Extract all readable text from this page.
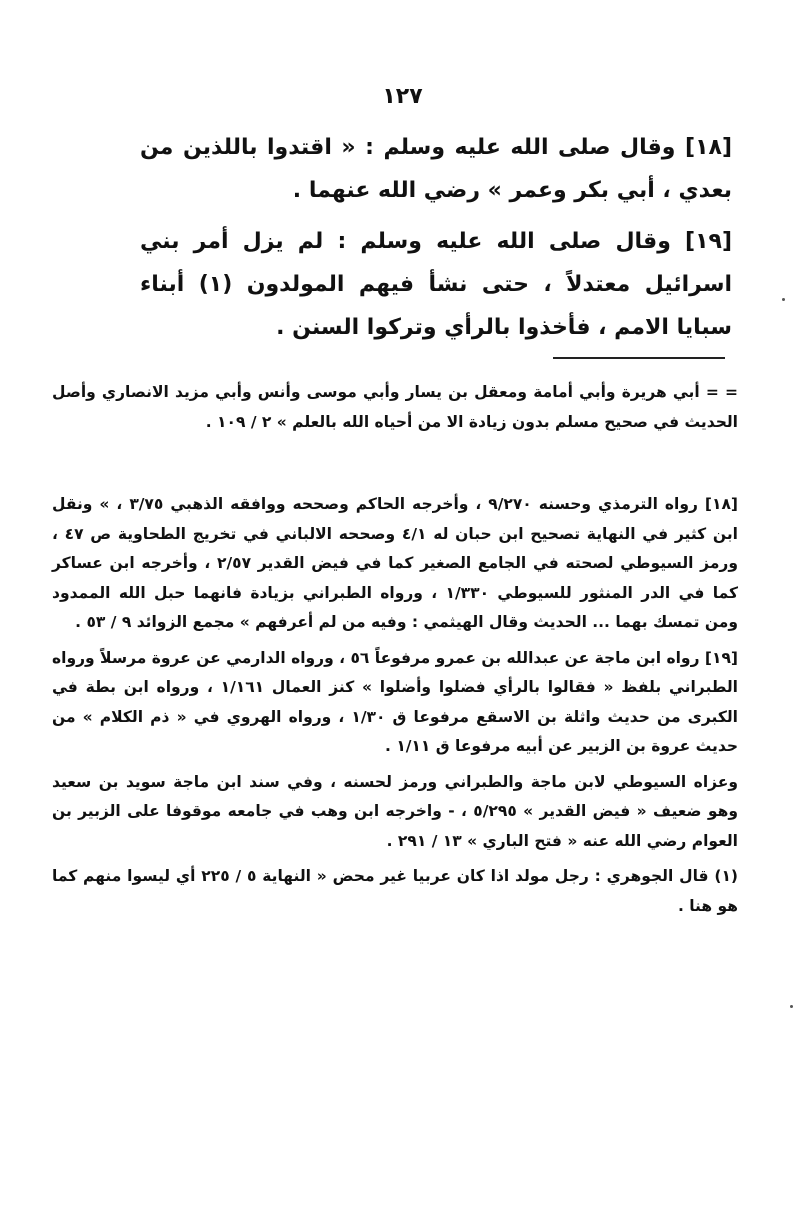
١٢٧

[١٨] وقال صلى الله عليه وسلم : « اقتدوا باللذين من بعدي ، أبي بكر وعمر » رضي الله عنهما .

[١٩] وقال صلى الله عليه وسلم : لم يزل أمر بني اسرائيل معتدلاً ، حتى نشأ فيهم المولدون (١) أبناء سبايا الامم ، فأخذوا بالرأي وتركوا السنن .

= = أبي هريرة وأبي أمامة ومعقل بن يسار وأبي موسى وأنس وأبي مزيد الانصاري وأصل الحديث في صحيح مسلم بدون زيادة الا من أحياه الله بالعلم » ٢ / ١٠٩ .

[١٨] رواه الترمذي وحسنه ٩/٢٧٠ ، وأخرجه الحاكم وصححه ووافقه الذهبي ٣/٧٥ ، » ونقل ابن كثير في النهاية تصحيح ابن حبان له ٤/١ وصححه الالباني في تخريج الطحاوية ص ٤٧ ، ورمز السيوطي لصحته في الجامع الصغير كما في فيض القدير ٢/٥٧ ، وأخرجه ابن عساكر كما في الدر المنثور للسيوطي ١/٣٣٠ ، ورواه الطبراني بزيادة فانهما حبل الله الممدود ومن تمسك بهما ... الحديث وقال الهيثمي : وفيه من لم أعرفهم » مجمع الزوائد ٩ / ٥٣ .

[١٩] رواه ابن ماجة عن عبدالله بن عمرو مرفوعاً ٥٦ ، ورواه الدارمي عن عروة مرسلاً ورواه الطبراني بلفظ « فقالوا بالرأي فضلوا وأضلوا » كنز العمال ١/١٦١ ، ورواه ابن بطة في الكبرى من حديث واثلة بن الاسقع مرفوعا ق ١/٣٠ ، ورواه الهروي في « ذم الكلام » من حديث عروة بن الزبير عن أبيه مرفوعا ق ١/١١ .

وعزاه السيوطي لابن ماجة والطبراني ورمز لحسنه ، وفي سند ابن ماجة سويد بن سعيد وهو ضعيف « فيض القدير » ٥/٢٩٥ ، - واخرجه ابن وهب في جامعه موقوفا على الزبير بن العوام رضي الله عنه « فتح الباري » ١٣ / ٢٩١ .

(١) قال الجوهري : رجل مولد اذا كان عربيا غير محض « النهاية ٥ / ٢٢٥ أي ليسوا منهم كما هو هنا .
